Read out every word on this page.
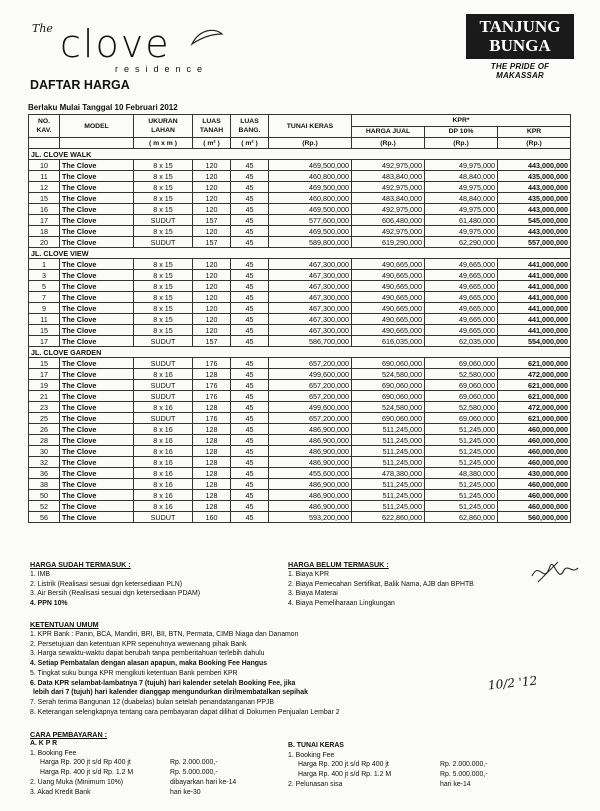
The clove
residence
TANJUNG
BUNGA
THE PRIDE OF MAKASSAR
DAFTAR HARGA
Berlaku Mulai Tanggal 10 Februari 2012
NO. KAV.	MODEL	UKURAN LAHAN	LUAS TANAH	LUAS BANG.	TUNAI KERAS	KPR*		
						HARGA JUAL	DP 10%	KPR
		( m x m )	( m² )	( m² )	(Rp.)	(Rp.)	(Rp.)	(Rp.)
JL. CLOVE WALK								
10	The Clove	8 x 15	120	45	469,500,000	492,975,000	49,975,000	443,000,000
11	The Clove	8 x 15	120	45	460,800,000	483,840,000	48,840,000	435,000,000
12	The Clove	8 x 15	120	45	469,500,000	492,975,000	49,975,000	443,000,000
15	The Clove	8 x 15	120	45	460,800,000	483,840,000	48,840,000	435,000,000
16	The Clove	8 x 15	120	45	469,500,000	492,975,000	49,975,000	443,000,000
17	The Clove	SUDUT	157	45	577,600,000	606,480,000	61,480,000	545,000,000
18	The Clove	8 x 15	120	45	469,500,000	492,975,000	49,975,000	443,000,000
20	The Clove	SUDUT	157	45	589,800,000	619,290,000	62,290,000	557,000,000
JL. CLOVE VIEW								
1	The Clove	8 x 15	120	45	467,300,000	490,665,000	49,665,000	441,000,000
3	The Clove	8 x 15	120	45	467,300,000	490,665,000	49,665,000	441,000,000
5	The Clove	8 x 15	120	45	467,300,000	490,665,000	49,665,000	441,000,000
7	The Clove	8 x 15	120	45	467,300,000	490,665,000	49,665,000	441,000,000
9	The Clove	8 x 15	120	45	467,300,000	490,665,000	49,665,000	441,000,000
11	The Clove	8 x 15	120	45	467,300,000	490,665,000	49,665,000	441,000,000
15	The Clove	8 x 15	120	45	467,300,000	490,665,000	49,665,000	441,000,000
17	The Clove	SUDUT	157	45	586,700,000	616,035,000	62,035,000	554,000,000
JL. CLOVE GARDEN								
15	The Clove	SUDUT	176	45	657,200,000	690,060,000	69,060,000	621,000,000
17	The Clove	8 x 16	128	45	499,600,000	524,580,000	52,580,000	472,000,000
19	The Clove	SUDUT	176	45	657,200,000	690,060,000	69,060,000	621,000,000
21	The Clove	SUDUT	176	45	657,200,000	690,060,000	69,060,000	621,000,000
23	The Clove	8 x 16	128	45	499,600,000	524,580,000	52,580,000	472,000,000
25	The Clove	SUDUT	176	45	657,200,000	690,060,000	69,060,000	621,000,000
26	The Clove	8 x 16	128	45	486,900,000	511,245,000	51,245,000	460,000,000
28	The Clove	8 x 16	128	45	486,900,000	511,245,000	51,245,000	460,000,000
30	The Clove	8 x 16	128	45	486,900,000	511,245,000	51,245,000	460,000,000
32	The Clove	8 x 16	128	45	486,900,000	511,245,000	51,245,000	460,000,000
36	The Clove	8 x 16	128	45	455,600,000	478,380,000	48,380,000	430,000,000
38	The Clove	8 x 16	128	45	486,900,000	511,245,000	51,245,000	460,000,000
50	The Clove	8 x 16	128	45	486,900,000	511,245,000	51,245,000	460,000,000
52	The Clove	8 x 16	128	45	486,900,000	511,245,000	51,245,000	460,000,000
56	The Clove	SUDUT	160	45	593,200,000	622,860,000	62,860,000	560,000,000
HARGA SUDAH TERMASUK :
1. IMB
2. Listrik (Realisasi sesuai dgn ketersediaan PLN)
3. Air Bersih (Realisasi sesuai dgn ketersediaan PDAM)
4. PPN 10%
HARGA BELUM TERMASUK :
1. Biaya KPR
2. Biaya Pemecahan Sertifikat, Balik Nama, AJB dan BPHTB
3. Biaya Materai
4. Biaya Pemeliharaan Lingkungan
KETENTUAN UMUM
1. KPR Bank : Panin, BCA, Mandiri, BRI, BII, BTN, Permata, CIMB Niaga dan Danamon
2. Persetujuan dan ketentuan KPR sepenuhnya wewenang pihak Bank
3. Harga sewaktu-waktu dapat berubah tanpa pemberitahuan terlebih dahulu
4. Setiap Pembatalan dengan alasan apapun, maka Booking Fee Hangus
5. Tingkat suku bunga KPR mengikuti ketentuan Bank pemberi KPR
6. Data KPR selambat-lambatnya 7 (tujuh) hari kalender setelah Booking Fee, jika
lebih dari 7 (tujuh) hari kalender dianggap mengundurkan diri/membatalkan sepihak
7. Serah terima Bangunan 12 (duabelas) bulan setelah penandatanganan PPJB
8. Keterangan selengkapnya tentang cara pembayaran dapat dilihat di Dokumen Penjualan Lembar 2
10/2 '12
CARA PEMBAYARAN :
A. K P R
1. Booking Fee
Harga Rp. 200 jt s/d Rp 400 jt	Rp. 2.000.000,-
Harga Rp. 400 jt s/d Rp. 1.2 M	Rp. 5.000.000,-
2. Uang Muka (Minimum 10%)	dibayarkan hari ke-14
3. Akad Kredit Bank	hari ke-30
B. TUNAI KERAS
1. Booking Fee
Harga Rp. 200 jt s/d Rp 400 jt	Rp. 2.000.000,-
Harga Rp. 400 jt s/d Rp. 1.2 M	Rp. 5.000.000,-
2. Pelunasan sisa	hari ke-14
